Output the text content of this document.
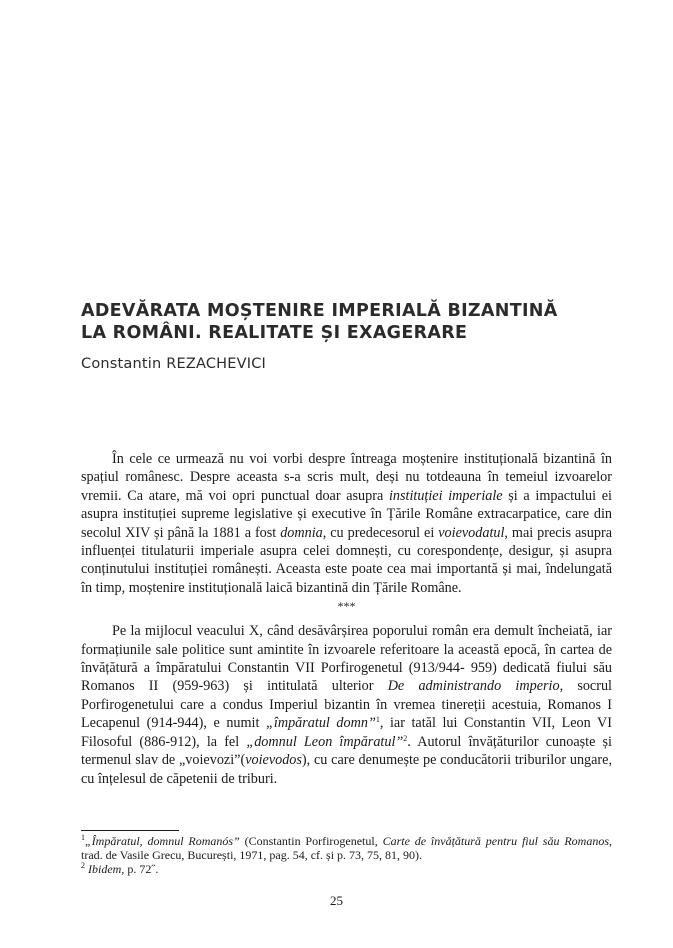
ADEVĂRATA MOȘTENIRE IMPERIALĂ BIZANTINĂ
LA ROMÂNI. REALITATE ȘI EXAGERARE
Constantin REZACHEVICI

În cele ce urmează nu voi vorbi despre întreaga moștenire instituțională bizantină în spațiul românesc. Despre aceasta s-a scris mult, deși nu totdeauna în temeiul izvoarelor vremii. Ca atare, mă voi opri punctual doar asupra instituției imperiale și a impactului ei asupra instituției supreme legislative și executive în Țările Române extracarpatice, care din secolul XIV și până la 1881 a fost domnia, cu predecesorul ei voievodatul, mai precis asupra influenței titulaturii imperiale asupra celei domnești, cu corespondențe, desigur, și asupra conținutului instituției românești. Aceasta este poate cea mai importantă și mai, îndelungată în timp, moștenire instituțională laică bizantină din Țările Române.

***

Pe la mijlocul veacului X, când desăvârșirea poporului român era demult încheiată, iar formațiunile sale politice sunt amintite în izvoarele referitoare la această epocă, în cartea de învățătură a împăratului Constantin VII Porfirogenetul (913/944- 959) dedicată fiului său Romanos II (959-963) și intitulată ulterior De administrando imperio, socrul Porfirogenetului care a condus Imperiul bizantin în vremea tinereții acestuia, Romanos I Lecapenul (914-944), e numit „împăratul domn”$^1$, iar tatăl lui Constantin VII, Leon VI Filosoful (886-912), la fel „domnul Leon împăratul”$^2$. Autorul învățăturilor cunoaște și termenul slav de „voievozi”(voievodos), cu care denumește pe conducătorii triburilor ungare, cu înțelesul de căpetenii de triburi.

$^1$„Împăratul, domnul Romanós” (Constantin Porfirogenetul, Carte de învățătură pentru fiul său Romanos, trad. de Vasile Grecu, București, 1971, pag. 54, cf. și p. 73, 75, 81, 90).

$^2$ Ibidem, p. 72˝.

25
